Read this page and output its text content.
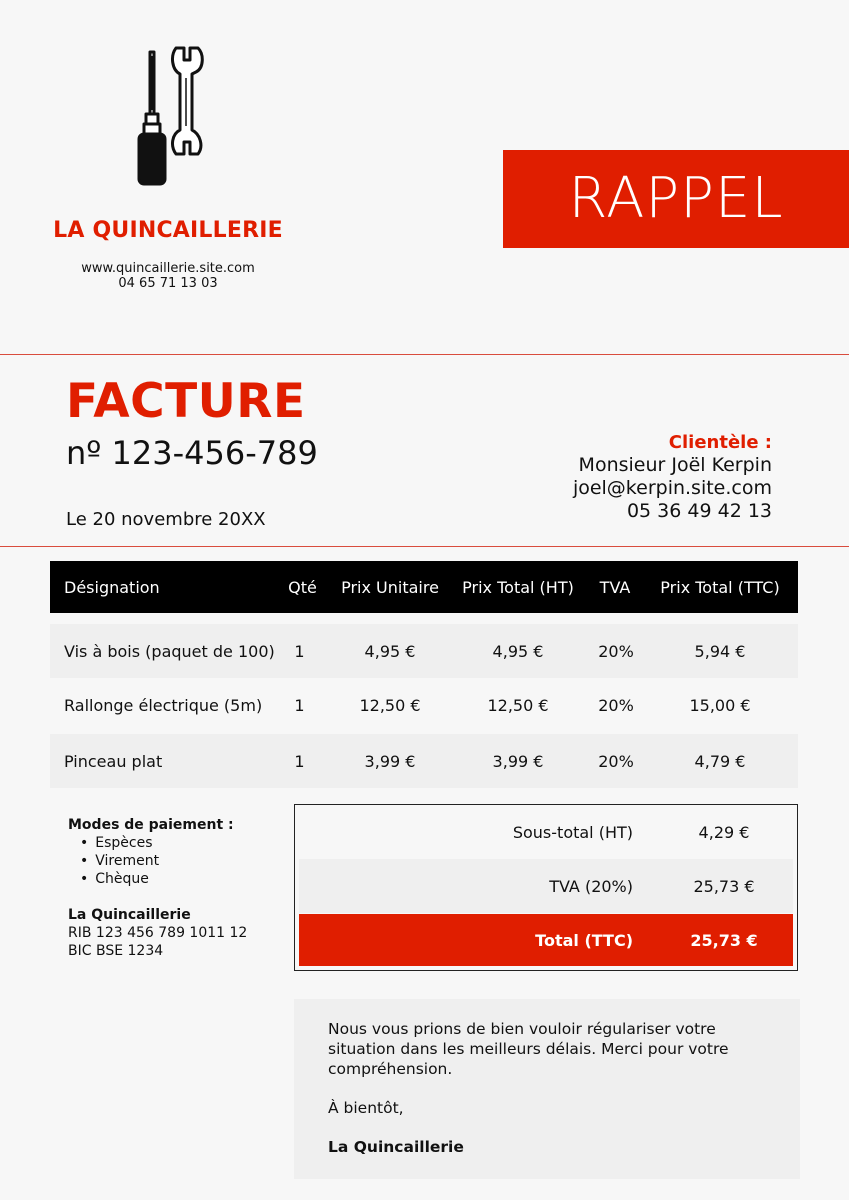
LA QUINCAILLERIE
www.quincaillerie.site.com
04 65 71 13 03
RAPPEL
FACTURE
nº 123-456-789
Le 20 novembre 20XX
Clientèle :
Monsieur Joël Kerpin
joel@kerpin.site.com
05 36 49 42 13
Désignation	Qté	Prix Unitaire	Prix Total (HT)	TVA	Prix Total (TTC)
Vis à bois (paquet de 100)	1	4,95 €	4,95 €	20%	5,94 €
Rallonge électrique (5m)	1	12,50 €	12,50 €	20%	15,00 €
Pinceau plat	1	3,99 €	3,99 €	20%	4,79 €
Modes de paiement :
• Espèces
• Virement
• Chèque
La Quincaillerie
RIB 123 456 789 1011 12
BIC BSE 1234
Sous-total (HT)	4,29 €
TVA (20%)	25,73 €
Total (TTC)	25,73 €

Nous vous prions de bien vouloir régulariser votre situation dans les meilleurs délais. Merci pour votre compréhension.

À bientôt,

La Quincaillerie
